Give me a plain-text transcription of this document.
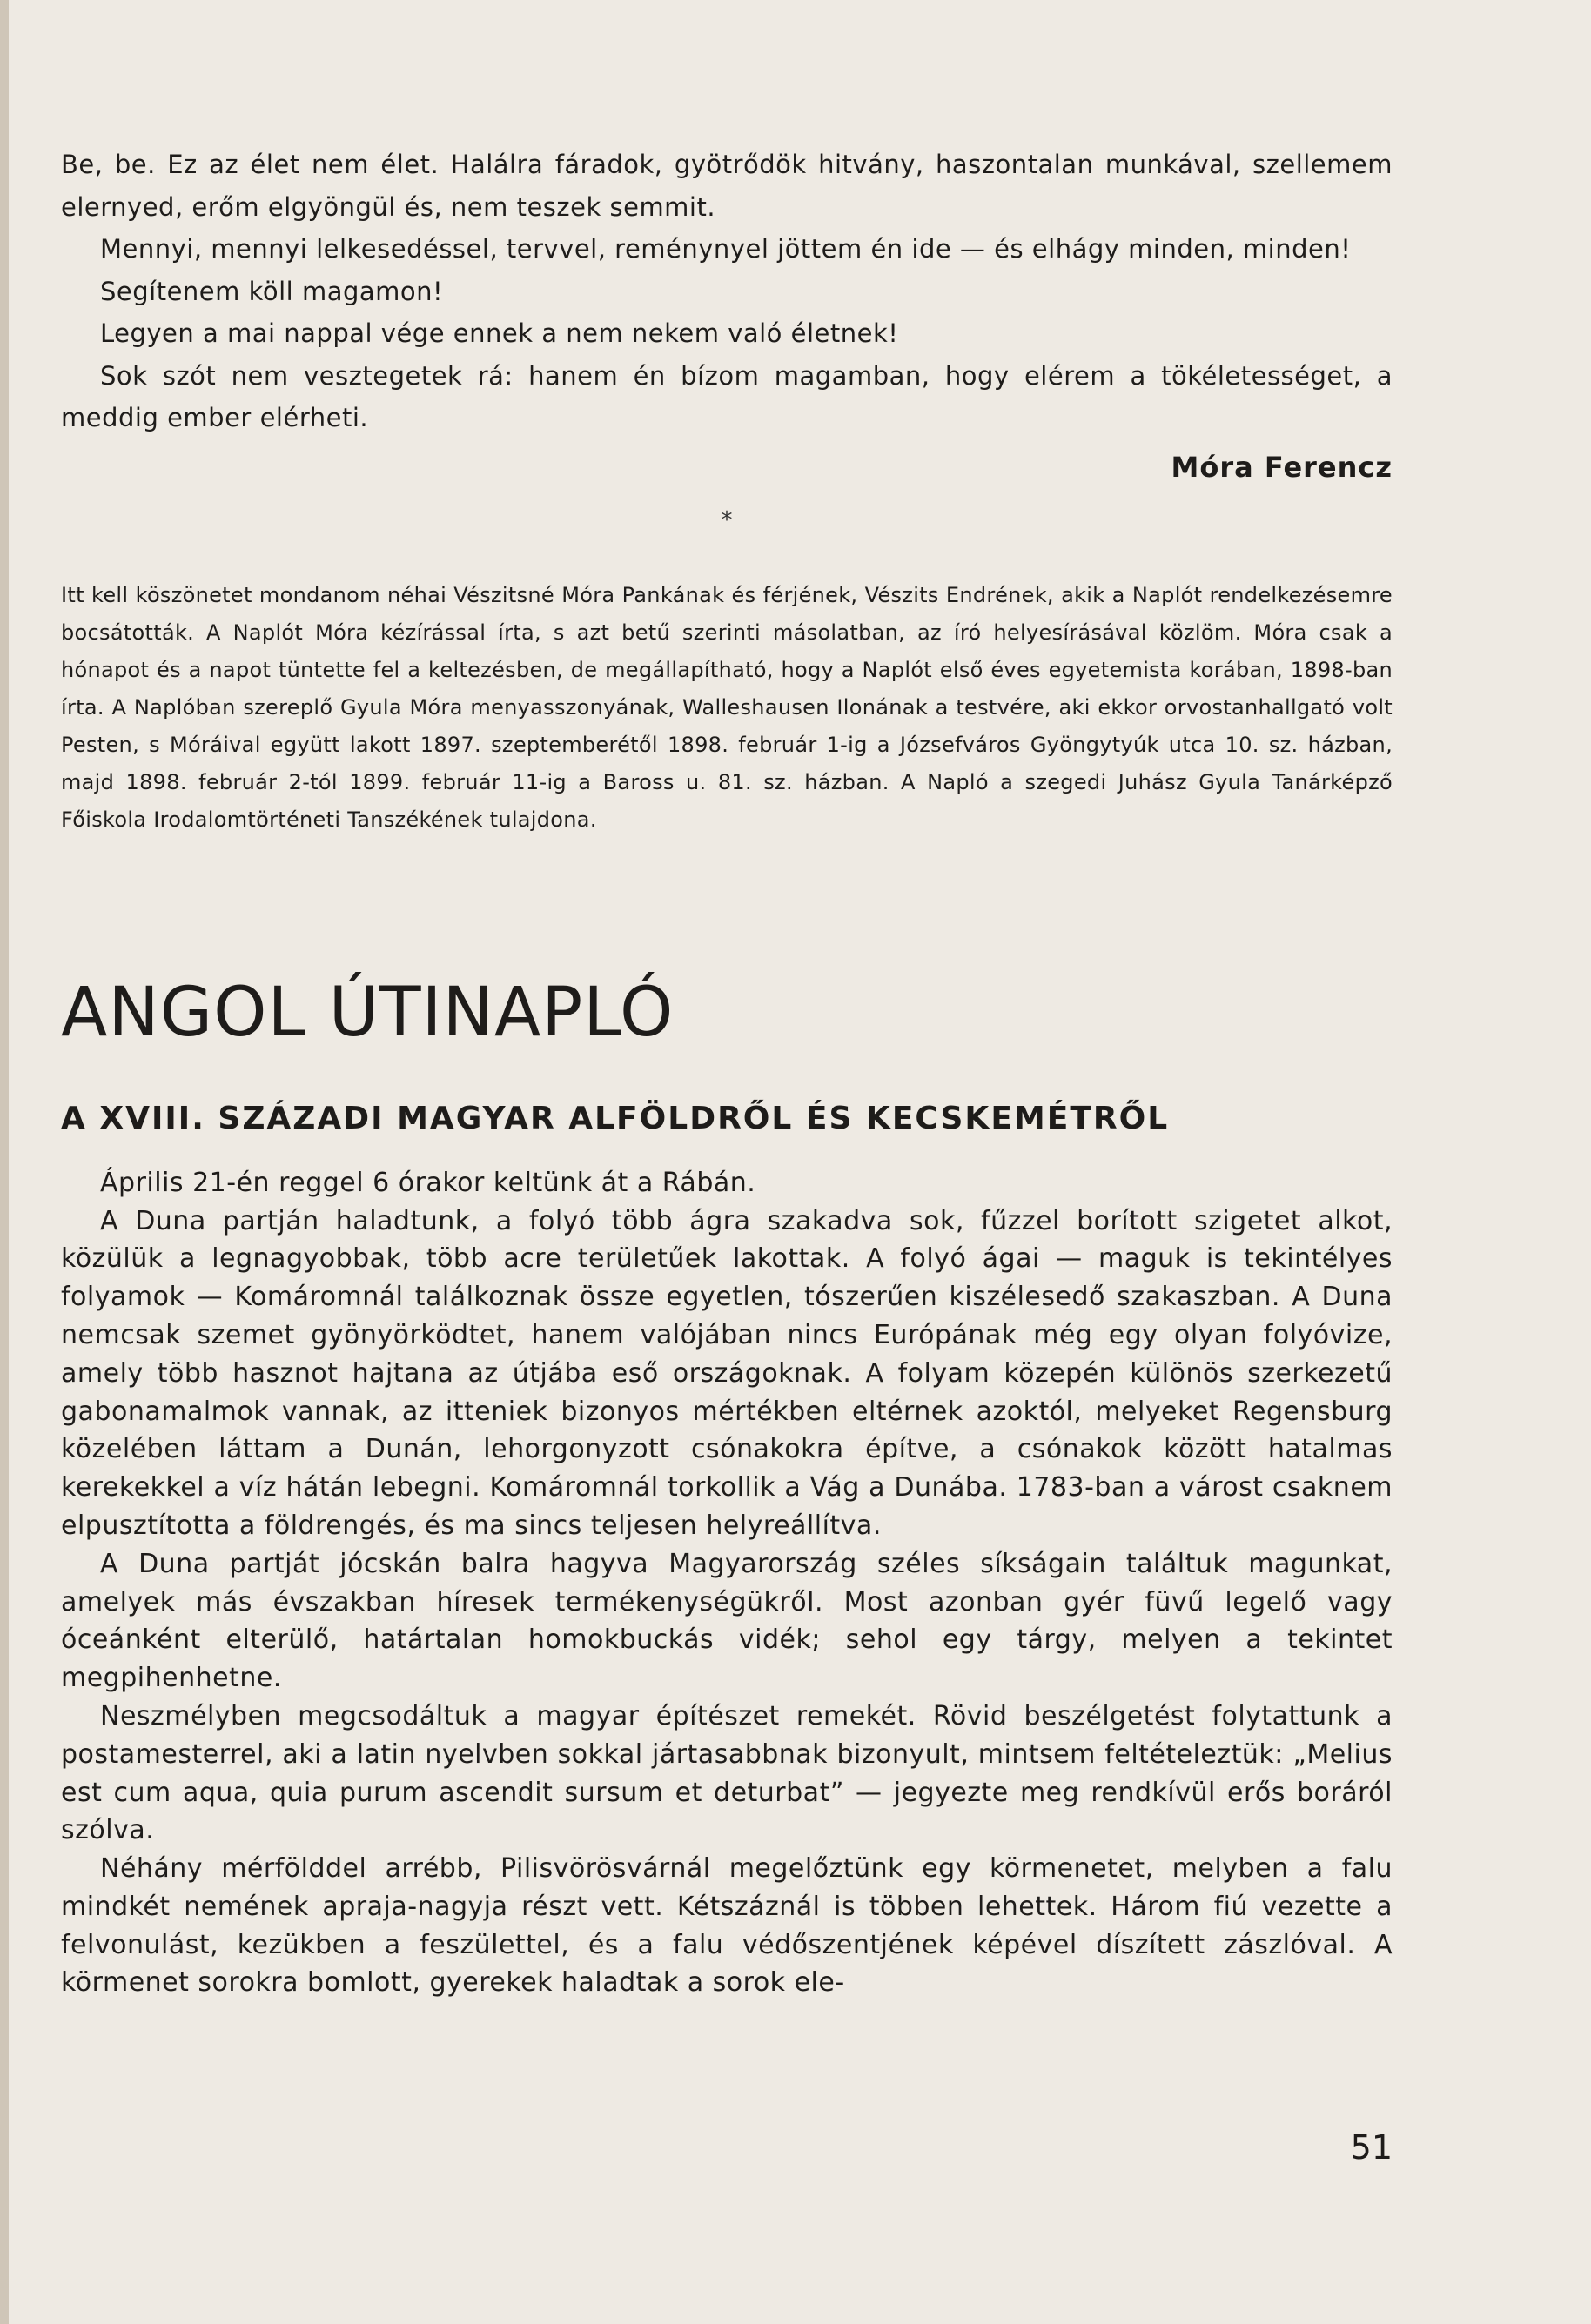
Be, be. Ez az élet nem élet. Halálra fáradok, gyötrődök hitvány, haszontalan munkával, szellemem elernyed, erőm elgyöngül és, nem teszek semmit.

Mennyi, mennyi lelkesedéssel, tervvel, reménynyel jöttem én ide — és elhágy minden, minden!

Segítenem köll magamon!

Legyen a mai nappal vége ennek a nem nekem való életnek!

Sok szót nem vesztegetek rá: hanem én bízom magamban, hogy elérem a tökéletességet, a meddig ember elérheti.

Móra Ferencz
*

Itt kell köszönetet mondanom néhai Vészitsné Móra Pankának és férjének, Vészits Endrének, akik a Naplót rendelkezésemre bocsátották. A Naplót Móra kézírással írta, s azt betű szerinti másolatban, az író helyesírásával közlöm. Móra csak a hónapot és a napot tüntette fel a keltezésben, de megállapítható, hogy a Naplót első éves egyetemista korában, 1898-ban írta. A Naplóban szereplő Gyula Móra menyasszonyának, Walleshausen Ilonának a testvére, aki ekkor orvostanhallgató volt Pesten, s Móráival együtt lakott 1897. szeptemberétől 1898. február 1-ig a Józsefváros Gyöngytyúk utca 10. sz. házban, majd 1898. február 2-tól 1899. február 11-ig a Baross u. 81. sz. házban. A Napló a szegedi Juhász Gyula Tanárképző Főiskola Irodalomtörténeti Tanszékének tulajdona.

ANGOL ÚTINAPLÓ
A XVIII. SZÁZADI MAGYAR ALFÖLDRŐL ÉS KECSKEMÉTRŐL

Április 21-én reggel 6 órakor keltünk át a Rábán.

A Duna partján haladtunk, a folyó több ágra szakadva sok, fűzzel borított szigetet alkot, közülük a legnagyobbak, több acre területűek lakottak. A folyó ágai — maguk is tekintélyes folyamok — Komáromnál találkoznak össze egyetlen, tószerűen kiszélesedő szakaszban. A Duna nemcsak szemet gyönyörködtet, hanem valójában nincs Európának még egy olyan folyóvize, amely több hasznot hajtana az útjába eső országoknak. A folyam közepén különös szerkezetű gabonamalmok vannak, az itteniek bizonyos mértékben eltérnek azoktól, melyeket Regensburg közelében láttam a Dunán, lehorgonyzott csónakokra építve, a csónakok között hatalmas kerekekkel a víz hátán lebegni. Komáromnál torkollik a Vág a Dunába. 1783-ban a várost csaknem elpusztította a földrengés, és ma sincs teljesen helyreállítva.

A Duna partját jócskán balra hagyva Magyarország széles síkságain találtuk magunkat, amelyek más évszakban híresek termékenységükről. Most azonban gyér füvű legelő vagy óceánként elterülő, határtalan homokbuckás vidék; sehol egy tárgy, melyen a tekintet megpihenhetne.

Neszmélyben megcsodáltuk a magyar építészet remekét. Rövid beszélgetést folytattunk a postamesterrel, aki a latin nyelvben sokkal jártasabbnak bizonyult, mintsem feltételeztük: „Melius est cum aqua, quia purum ascendit sursum et deturbat” — jegyezte meg rendkívül erős boráról szólva.

Néhány mérfölddel arrébb, Pilisvörösvárnál megelőztünk egy körmenetet, melyben a falu mindkét nemének apraja-nagyja részt vett. Kétszáznál is többen lehettek. Három fiú vezette a felvonulást, kezükben a feszülettel, és a falu védőszentjének képével díszített zászlóval. A körmenet sorokra bomlott, gyerekek haladtak a sorok ele-

51
